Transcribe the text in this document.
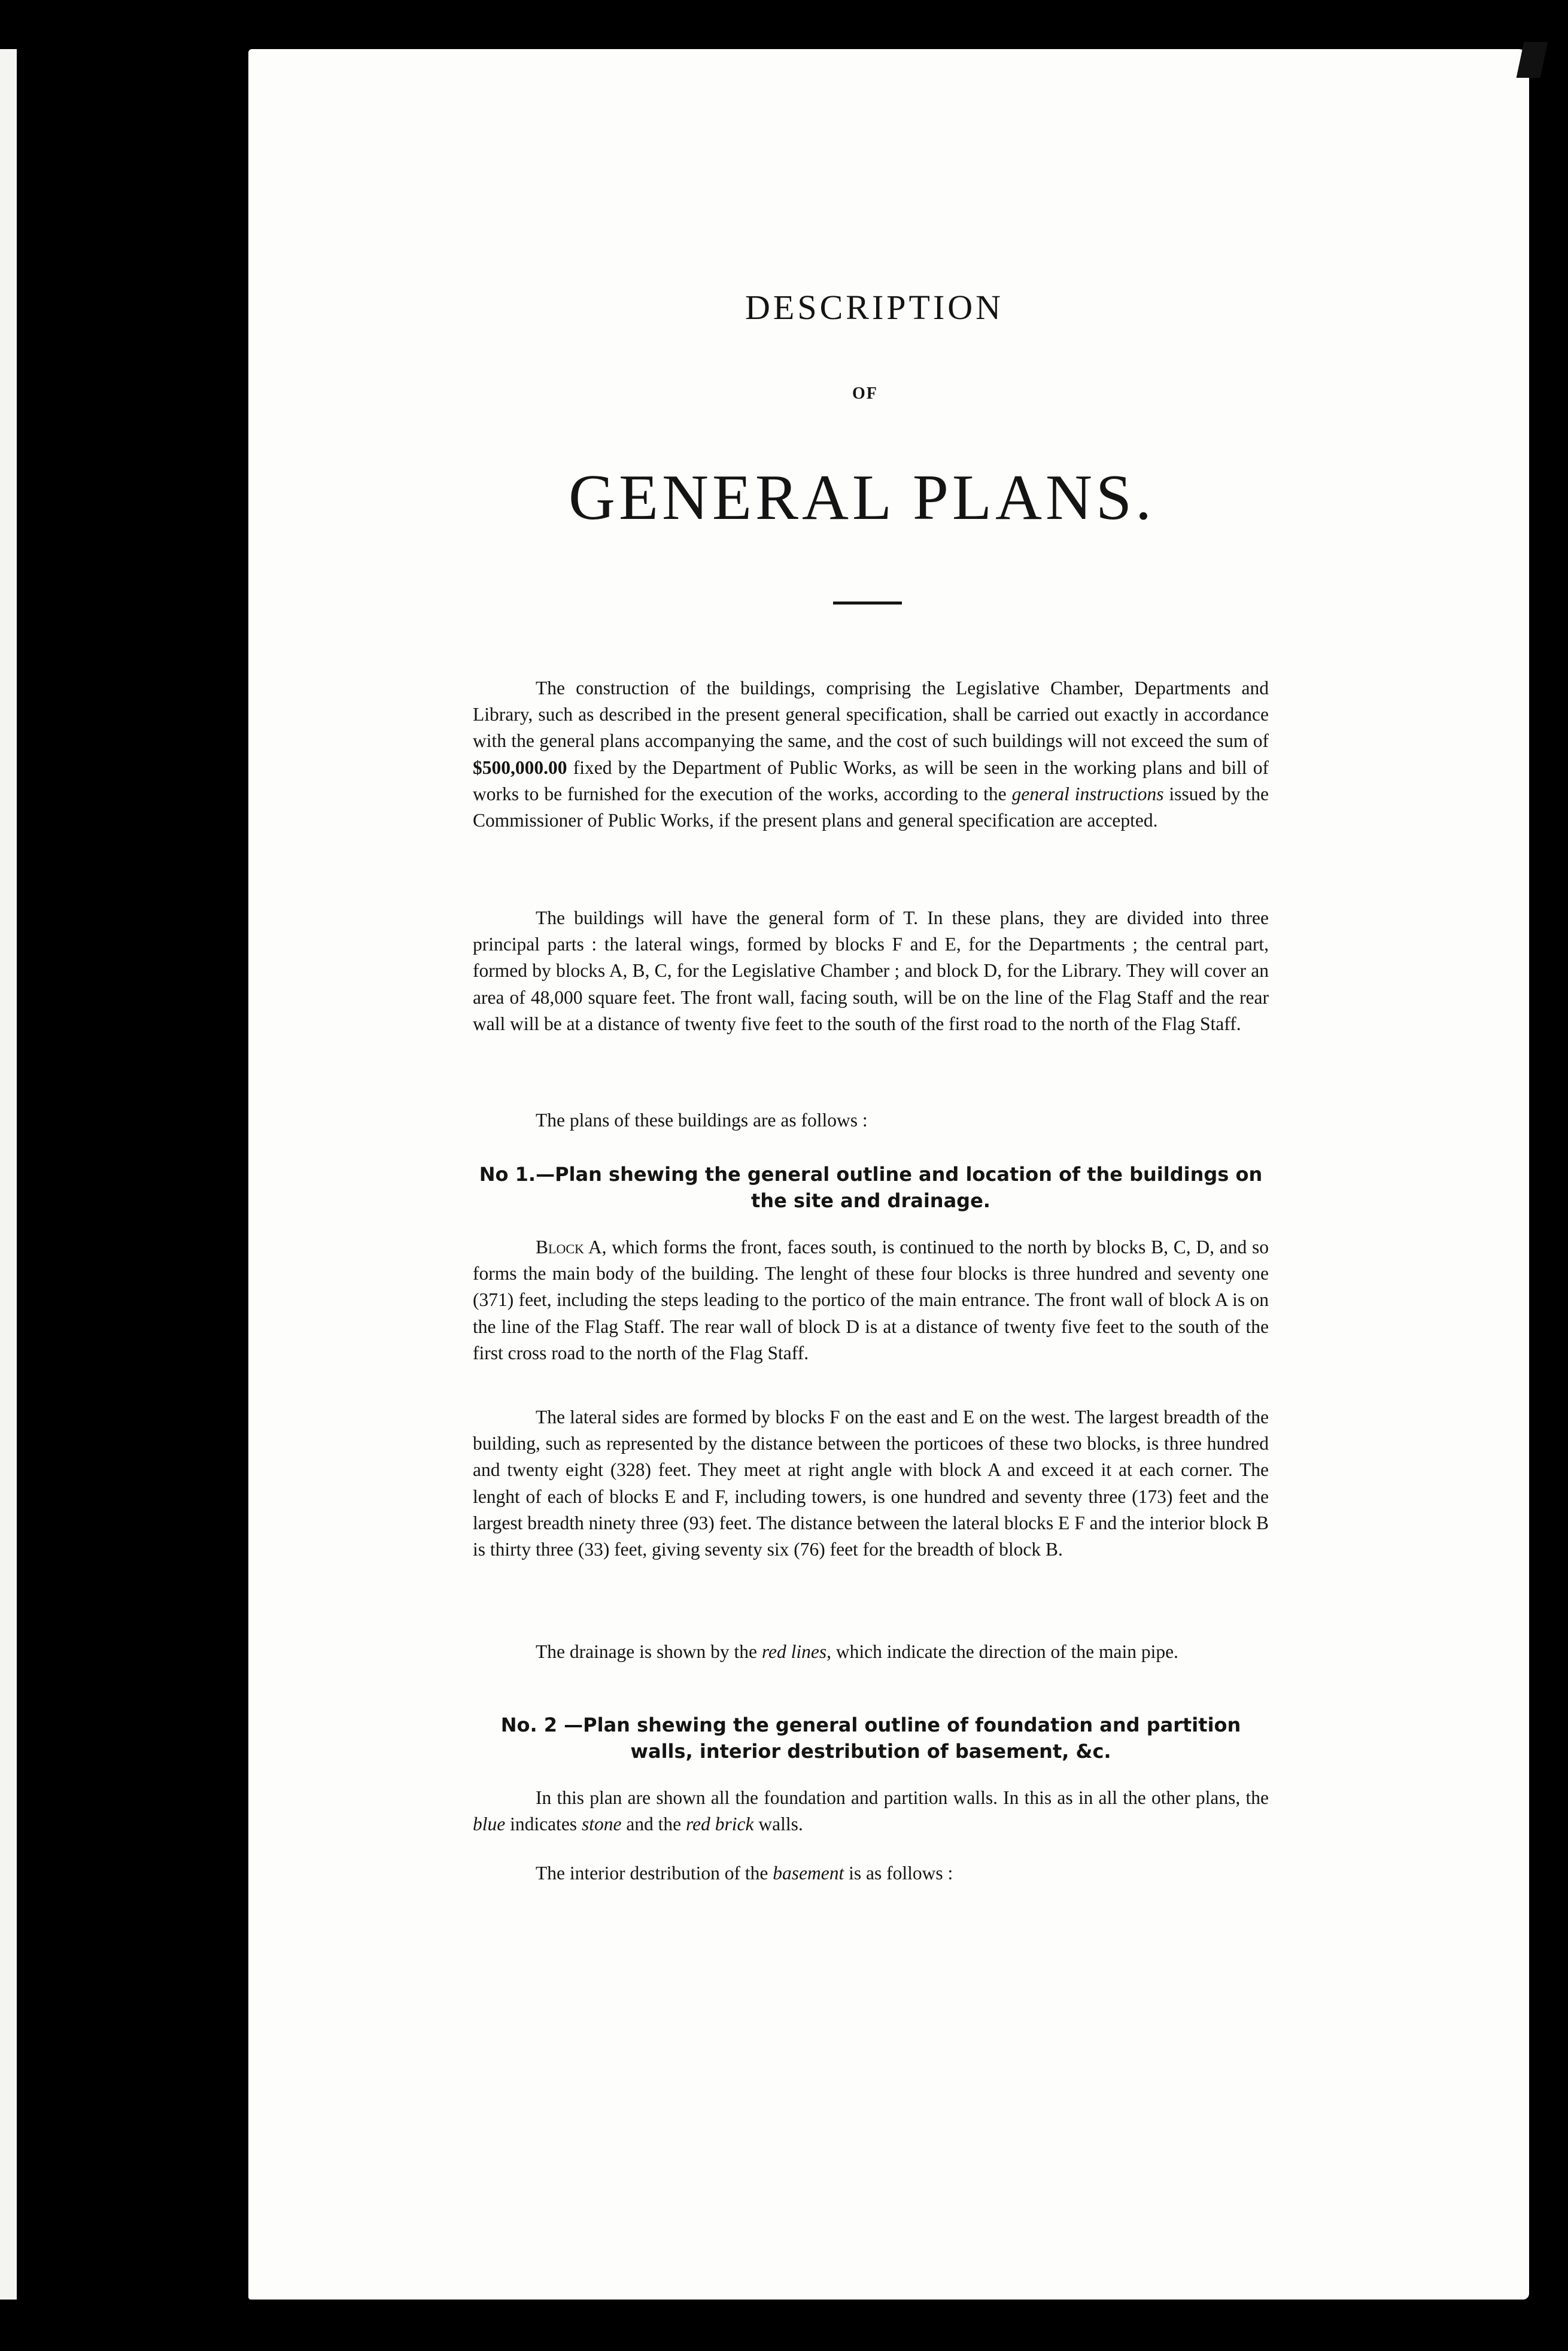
DESCRIPTION
OF
GENERAL PLANS.

The construction of the buildings, comprising the Legislative Chamber, Departments and Library, such as described in the present general specification, shall be carried out exactly in accordance with the general plans accompanying the same, and the cost of such buildings will not exceed the sum of $500,000.00 fixed by the Department of Public Works, as will be seen in the working plans and bill of works to be furnished for the execution of the works, according to the general instructions issued by the Commissioner of Public Works, if the present plans and general specification are accepted.

The buildings will have the general form of T. In these plans, they are divided into three principal parts : the lateral wings, formed by blocks F and E, for the Departments ; the central part, formed by blocks A, B, C, for the Legislative Chamber ; and block D, for the Library. They will cover an area of 48,000 square feet. The front wall, facing south, will be on the line of the Flag Staff and the rear wall will be at a distance of twenty five feet to the south of the first road to the north of the Flag Staff.

The plans of these buildings are as follows :

No 1.—Plan shewing the general outline and location of the buildings on the site and drainage.

Block A, which forms the front, faces south, is continued to the north by blocks B, C, D, and so forms the main body of the building. The lenght of these four blocks is three hundred and seventy one (371) feet, including the steps leading to the portico of the main entrance. The front wall of block A is on the line of the Flag Staff. The rear wall of block D is at a distance of twenty five feet to the south of the first cross road to the north of the Flag Staff.

The lateral sides are formed by blocks F on the east and E on the west. The largest breadth of the building, such as represented by the distance between the porticoes of these two blocks, is three hundred and twenty eight (328) feet. They meet at right angle with block A and exceed it at each corner. The lenght of each of blocks E and F, including towers, is one hundred and seventy three (173) feet and the largest breadth ninety three (93) feet. The distance between the lateral blocks E F and the interior block B is thirty three (33) feet, giving seventy six (76) feet for the breadth of block B.

The drainage is shown by the red lines, which indicate the direction of the main pipe.

No. 2 —Plan shewing the general outline of foundation and partition walls, interior destribution of basement, &c.

In this plan are shown all the foundation and partition walls. In this as in all the other plans, the blue indicates stone and the red brick walls.

The interior destribution of the basement is as follows :
